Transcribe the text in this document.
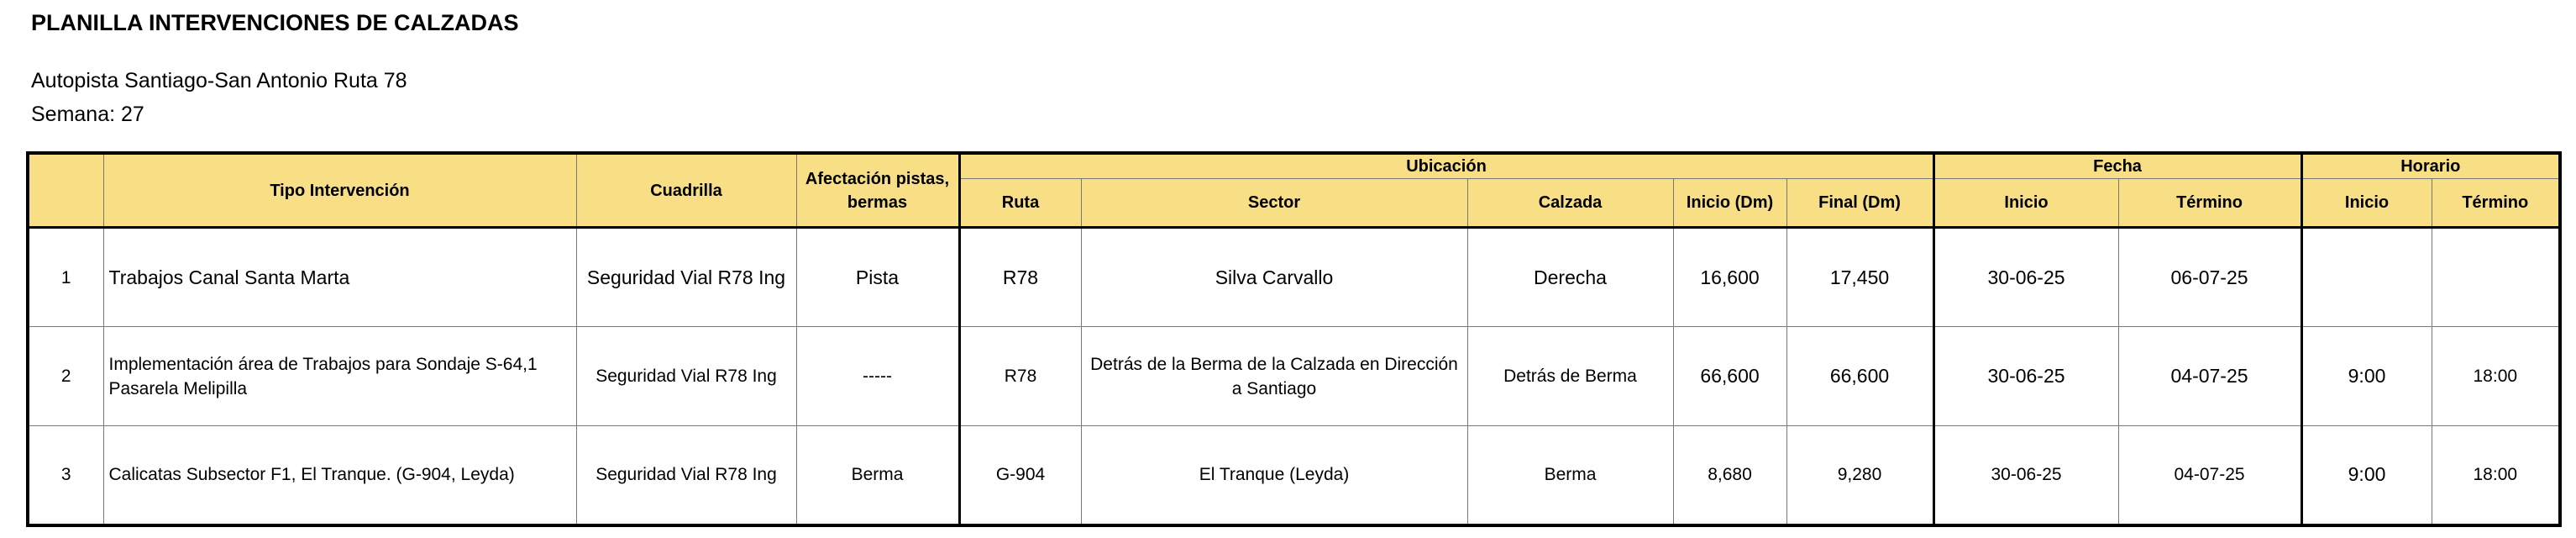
PLANILLA INTERVENCIONES DE CALZADAS
Autopista Santiago-San Antonio Ruta 78
Semana: 27
	Tipo Intervención	Cuadrilla	Afectación pistas, bermas	Ubicación					Fecha		Horario	
				Ruta	Sector	Calzada	Inicio (Dm)	Final (Dm)	Inicio	Término	Inicio	Término
1	Trabajos Canal Santa Marta	Seguridad Vial R78 Ing	Pista	R78	Silva Carvallo	Derecha	16,600	17,450	30-06-25	06-07-25		
2	Implementación área de Trabajos para Sondaje S-64,1 Pasarela Melipilla	Seguridad Vial R78 Ing	-----	R78	Detrás de la Berma de la Calzada en Dirección a Santiago	Detrás de Berma	66,600	66,600	30-06-25	04-07-25	9:00	18:00
3	Calicatas Subsector F1, El Tranque. (G-904, Leyda)	Seguridad Vial R78 Ing	Berma	G-904	El Tranque (Leyda)	Berma	8,680	9,280	30-06-25	04-07-25	9:00	18:00
